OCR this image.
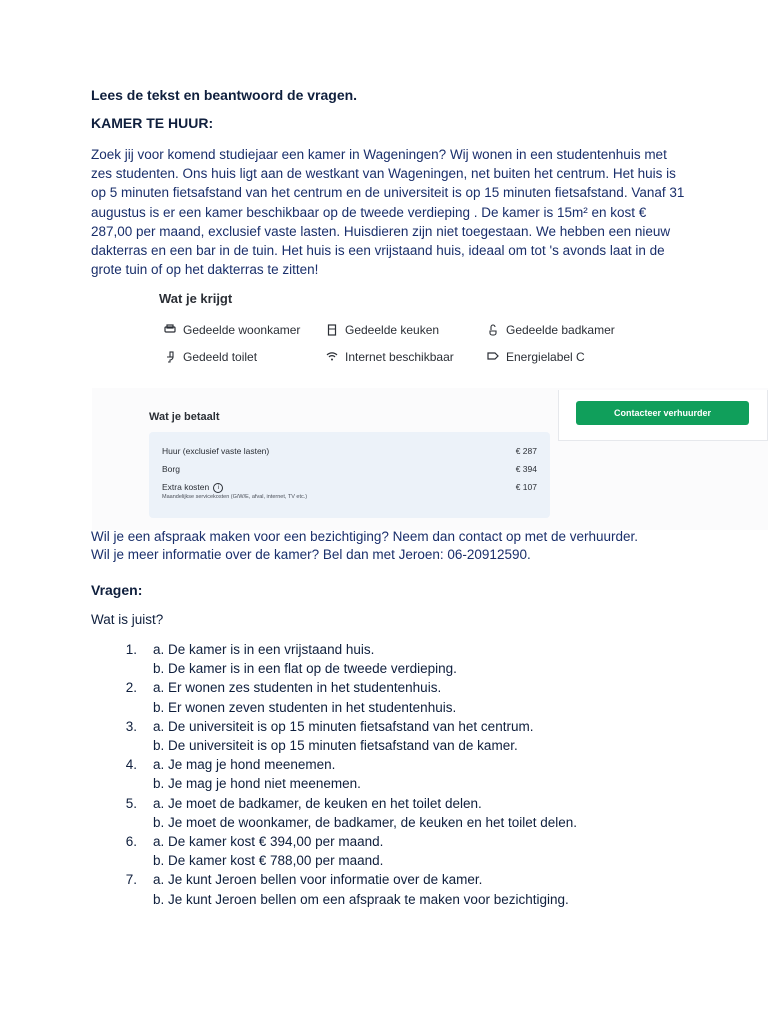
Lees de tekst en beantwoord de vragen.
KAMER TE HUUR:

Zoek jij voor komend studiejaar een kamer in Wageningen? Wij wonen in een studentenhuis met zes studenten. Ons huis ligt aan de westkant van Wageningen, net buiten het centrum. Het huis is op 5 minuten fietsafstand van het centrum en de universiteit is op 15 minuten fietsafstand. Vanaf 31 augustus is er een kamer beschikbaar op de tweede verdieping . De kamer is 15m² en kost € 287,00 per maand, exclusief vaste lasten. Huisdieren zijn niet toegestaan. We hebben een nieuw dakterras en een bar in de tuin. Het huis is een vrijstaand huis, ideaal om tot 's avonds laat in de grote tuin of op het dakterras te zitten!

Wat je krijgt
Gedeelde woonkamer	Gedeelde keuken	Gedeelde badkamer
Gedeeld toilet	Internet beschikbaar	Energielabel C
Contacteer verhuurder
Wat je betaalt
Huur (exclusief vaste lasten)	€ 287
Borg	€ 394
Extra kosten i	€ 107
Maandelijkse servicekosten (G/W/E, afval, internet, TV etc.)

Wil je een afspraak maken voor een bezichtiging? Neem dan contact op met de verhuurder.

Wil je meer informatie over de kamer? Bel dan met Jeroen: 06-20912590.

Vragen:
Wat is juist?
1.	a. De kamer is in een vrijstaand huis.
b. De kamer is in een flat op de tweede verdieping.
2.	a. Er wonen zes studenten in het studentenhuis.
b. Er wonen zeven studenten in het studentenhuis.
3.	a. De universiteit is op 15 minuten fietsafstand van het centrum.
b. De universiteit is op 15 minuten fietsafstand van de kamer.
4.	a. Je mag je hond meenemen.
b. Je mag je hond niet meenemen.
5.	a. Je moet de badkamer, de keuken en het toilet delen.
b. Je moet de woonkamer, de badkamer, de keuken en het toilet delen.
6.	a. De kamer kost € 394,00 per maand.
b. De kamer kost € 788,00 per maand.
7.	a. Je kunt Jeroen bellen voor informatie over de kamer.
b. Je kunt Jeroen bellen om een afspraak te maken voor bezichtiging.
